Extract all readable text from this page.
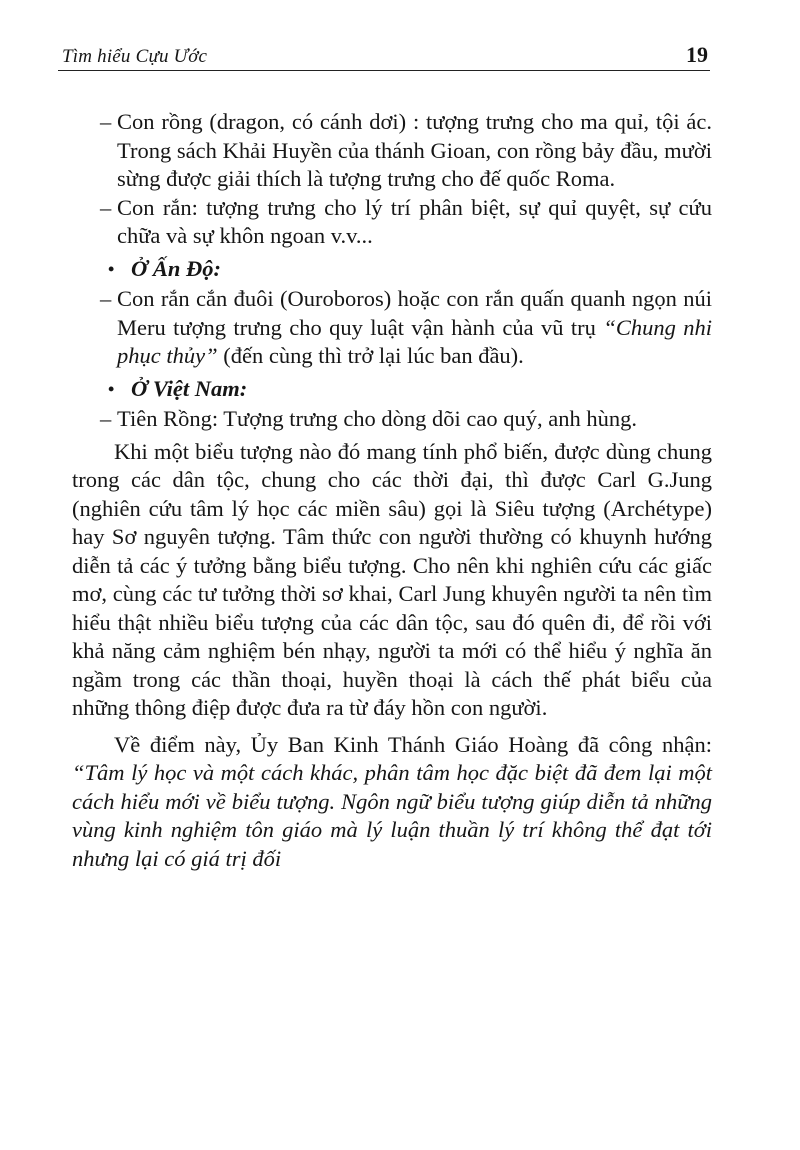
Tìm hiểu Cựu Ước	19

– Con rồng (dragon, có cánh dơi) : tượng trưng cho ma quỉ, tội ác. Trong sách Khải Huyền của thánh Gioan, con rồng bảy đầu, mười sừng được giải thích là tượng trưng cho đế quốc Roma.

– Con rắn: tượng trưng cho lý trí phân biệt, sự quỉ quyệt, sự cứu chữa và sự khôn ngoan v.v...

• Ở Ấn Độ:

– Con rắn cắn đuôi (Ouroboros) hoặc con rắn quấn quanh ngọn núi Meru tượng trưng cho quy luật vận hành của vũ trụ “Chung nhi phục thủy” (đến cùng thì trở lại lúc ban đầu).

• Ở Việt Nam:

– Tiên Rồng: Tượng trưng cho dòng dõi cao quý, anh hùng.

Khi một biểu tượng nào đó mang tính phổ biến, được dùng chung trong các dân tộc, chung cho các thời đại, thì được Carl G.Jung (nghiên cứu tâm lý học các miền sâu) gọi là Siêu tượng (Archétype) hay Sơ nguyên tượng. Tâm thức con người thường có khuynh hướng diễn tả các ý tưởng bằng biểu tượng. Cho nên khi nghiên cứu các giấc mơ, cùng các tư tưởng thời sơ khai, Carl Jung khuyên người ta nên tìm hiểu thật nhiều biểu tượng của các dân tộc, sau đó quên đi, để rồi với khả năng cảm nghiệm bén nhạy, người ta mới có thể hiểu ý nghĩa ăn ngầm trong các thần thoại, huyền thoại là cách thế phát biểu của những thông điệp được đưa ra từ đáy hồn con người.

Về điểm này, Ủy Ban Kinh Thánh Giáo Hoàng đã công nhận: “Tâm lý học và một cách khác, phân tâm học đặc biệt đã đem lại một cách hiểu mới về biểu tượng. Ngôn ngữ biểu tượng giúp diễn tả những vùng kinh nghiệm tôn giáo mà lý luận thuần lý trí không thể đạt tới nhưng lại có giá trị đối
